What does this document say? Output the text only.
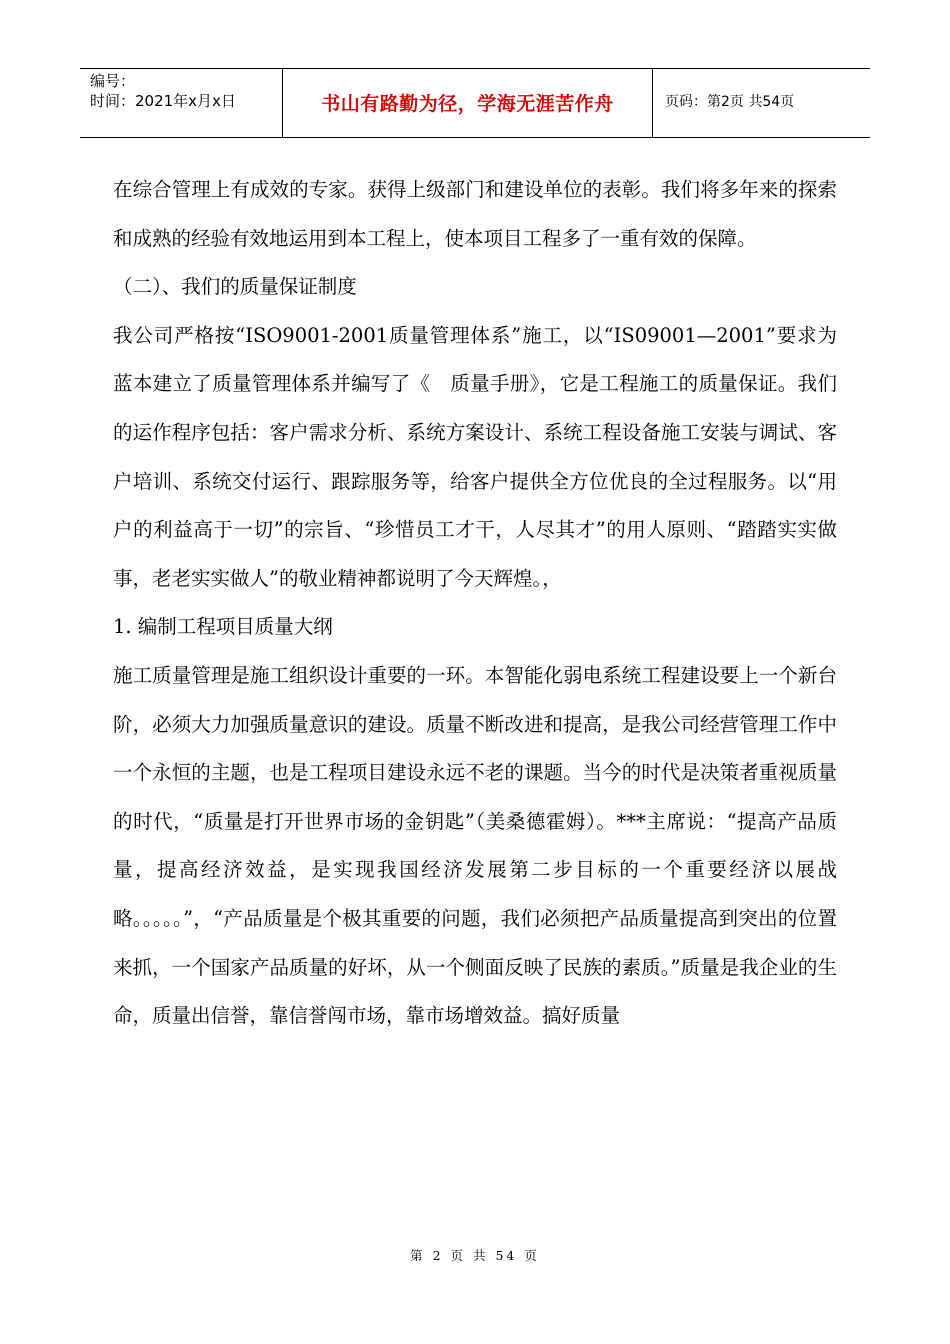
编号：
时间：2021年x月x日	书山有路勤为径，学海无涯苦作舟	页码：第2页 共54页

在综合管理上有成效的专家。获得上级部门和建设单位的表彰。我们将多年来的探索和成熟的经验有效地运用到本工程上，使本项目工程多了一重有效的保障。

（二）、我们的质量保证制度

我公司严格按“ISO9001-2001质量管理体系”施工，以“IS09001—2001”要求为蓝本建立了质量管理体系并编写了《　质量手册》，它是工程施工的质量保证。我们的运作程序包括：客户需求分析、系统方案设计、系统工程设备施工安装与调试、客户培训、系统交付运行、跟踪服务等，给客户提供全方位优良的全过程服务。以“用户的利益高于一切”的宗旨、“珍惜员工才干，人尽其才”的用人原则、“踏踏实实做事，老老实实做人”的敬业精神都说明了今天辉煌。，

1. 编制工程项目质量大纲

施工质量管理是施工组织设计重要的一环。本智能化弱电系统工程建设要上一个新台阶，必须大力加强质量意识的建设。质量不断改进和提高，是我公司经营管理工作中一个永恒的主题，也是工程项目建设永远不老的课题。当今的时代是决策者重视质量的时代，“质量是打开世界市场的金钥匙”（美桑德霍姆）。***主席说：“提高产品质量，提高经济效益，是实现我国经济发展第二步目标的一个重要经济以展战略。。。。。”，“产品质量是个极其重要的问题，我们必须把产品质量提高到突出的位置来抓，一个国家产品质量的好坏，从一个侧面反映了民族的素质。”质量是我企业的生命，质量出信誉，靠信誉闯市场，靠市场增效益。搞好质量

第 2 页 共 54 页
